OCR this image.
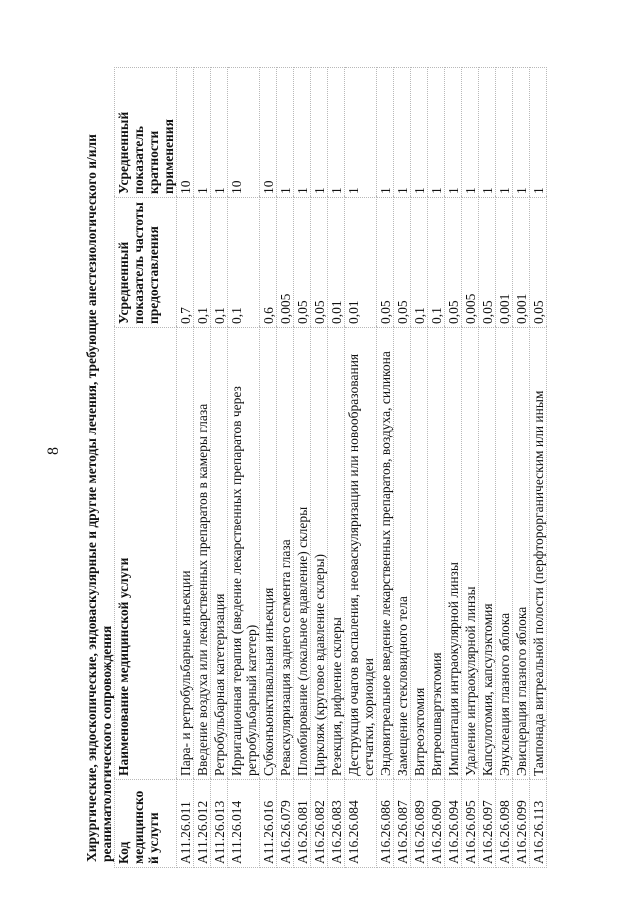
8 Хирургические, эндоскопические, эндоваскулярные и другие методы лечения, требующие анестезиологического и/или реаниматологического сопровождения Код медицинской услуги	Наименование медицинской услуги	Усредненный показатель частоты предоставления	Усредненный показатель кратности применения
A11.26.011	Пара- и ретробульбарные инъекции	0,7	10
A11.26.012	Введение воздуха или лекарственных препаратов в камеры глаза	0,1	1
A11.26.013	Ретробульбарная катетеризация	0,1	1
A11.26.014	Ирригационная терапия (введение лекарственных препаратов через ретробульбарный катетер)	0,1	10
A11.26.016	Субконъюнктивальная инъекция	0,6	10
A16.26.079	Реваскуляризация заднего сегмента глаза	0,005	1
A16.26.081	Пломбирование (локальное вдавление) склеры	0,05	1
A16.26.082	Циркляж (круговое вдавление склеры)	0,05	1
A16.26.083	Резекция, рифление склеры	0,01	1
A16.26.084	Деструкция очагов воспаления, неоваскуляризации или новообразования сетчатки, хориоидеи	0,01	1
A16.26.086	Эндовитреальное введение лекарственных препаратов, воздуха, силикона	0,05	1
A16.26.087	Замещение стекловидного тела	0,05	1
A16.26.089	Витреоэктомия	0,1	1
A16.26.090	Витреошвартэктомия	0,1	1
A16.26.094	Имплантация интраокулярной линзы	0,05	1
A16.26.095	Удаление интраокулярной линзы	0,005	1
A16.26.097	Капсулотомия, капсулэктомия	0,05	1
A16.26.098	Энуклеация глазного яблока	0,001	1
A16.26.099	Эвисцерация глазного яблока	0,001	1
A16.26.113	Тампонада витреальной полости (перфторорганическим или иным	0,05	1
